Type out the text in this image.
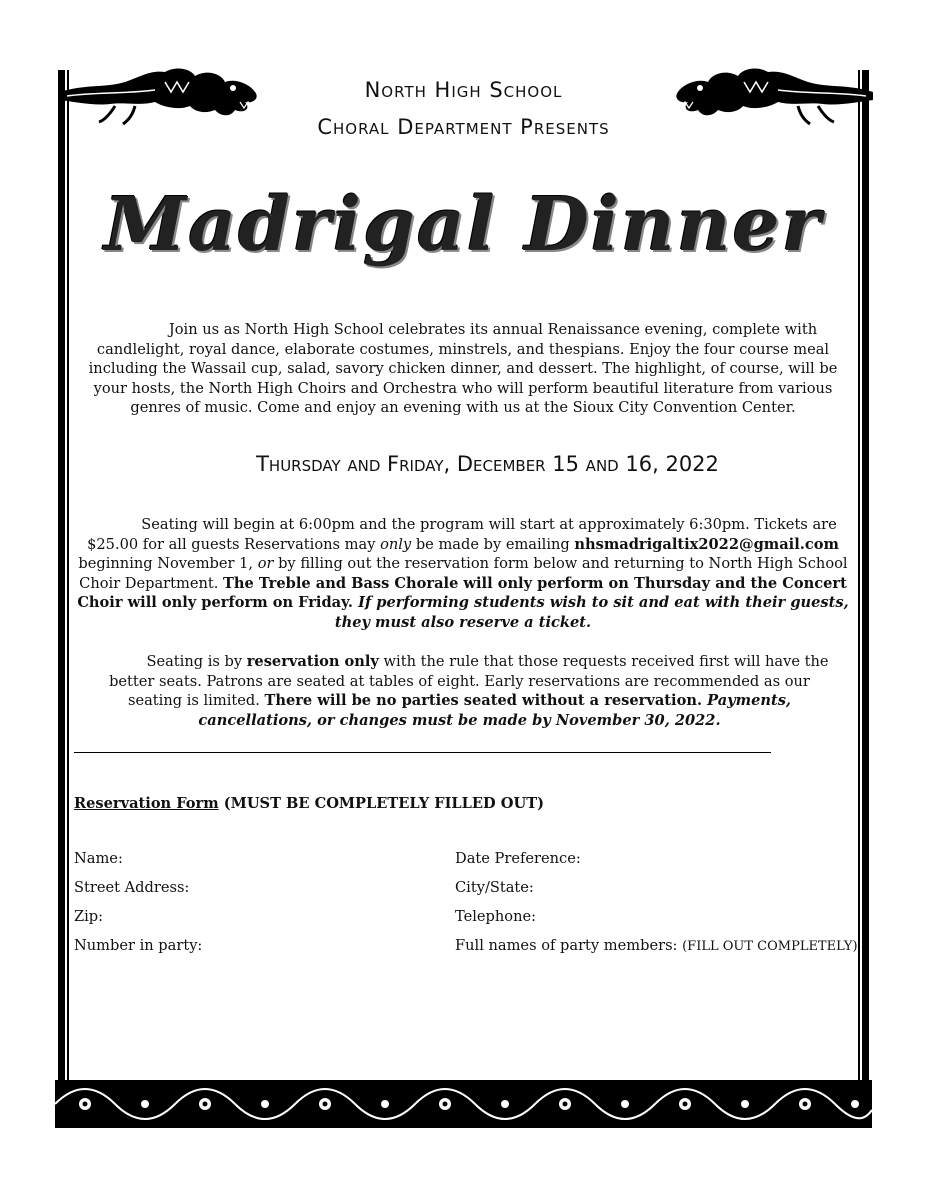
North High School
Choral Department Presents
Madrigal Dinner
Join us as North High School celebrates its annual Renaissance evening, complete with candlelight, royal dance, elaborate costumes, minstrels, and thespians. Enjoy the four course meal including the Wassail cup, salad, savory chicken dinner, and dessert. The highlight, of course, will be your hosts, the North High Choirs and Orchestra who will perform beautiful literature from various genres of music. Come and enjoy an evening with us at the Sioux City Convention Center.
Thursday and Friday, December 15 and 16, 2022
Seating will begin at 6:00pm and the program will start at approximately 6:30pm. Tickets are $25.00 for all guests Reservations may only be made by emailing nhsmadrigaltix2022@gmail.com beginning November 1, or by filling out the reservation form below and returning to North High School Choir Department. The Treble and Bass Chorale will only perform on Thursday and the Concert Choir will only perform on Friday. If performing students wish to sit and eat with their guests, they must also reserve a ticket.
Seating is by reservation only with the rule that those requests received first will have the better seats. Patrons are seated at tables of eight. Early reservations are recommended as our seating is limited. There will be no parties seated without a reservation. Payments, cancellations, or changes must be made by November 30, 2022.
Reservation Form (MUST BE COMPLETELY FILLED OUT)
Name:
Street Address:
Zip:
Number in party:
Date Preference:
City/State:
Telephone:
Full names of party members: (FILL OUT COMPLETELY)
